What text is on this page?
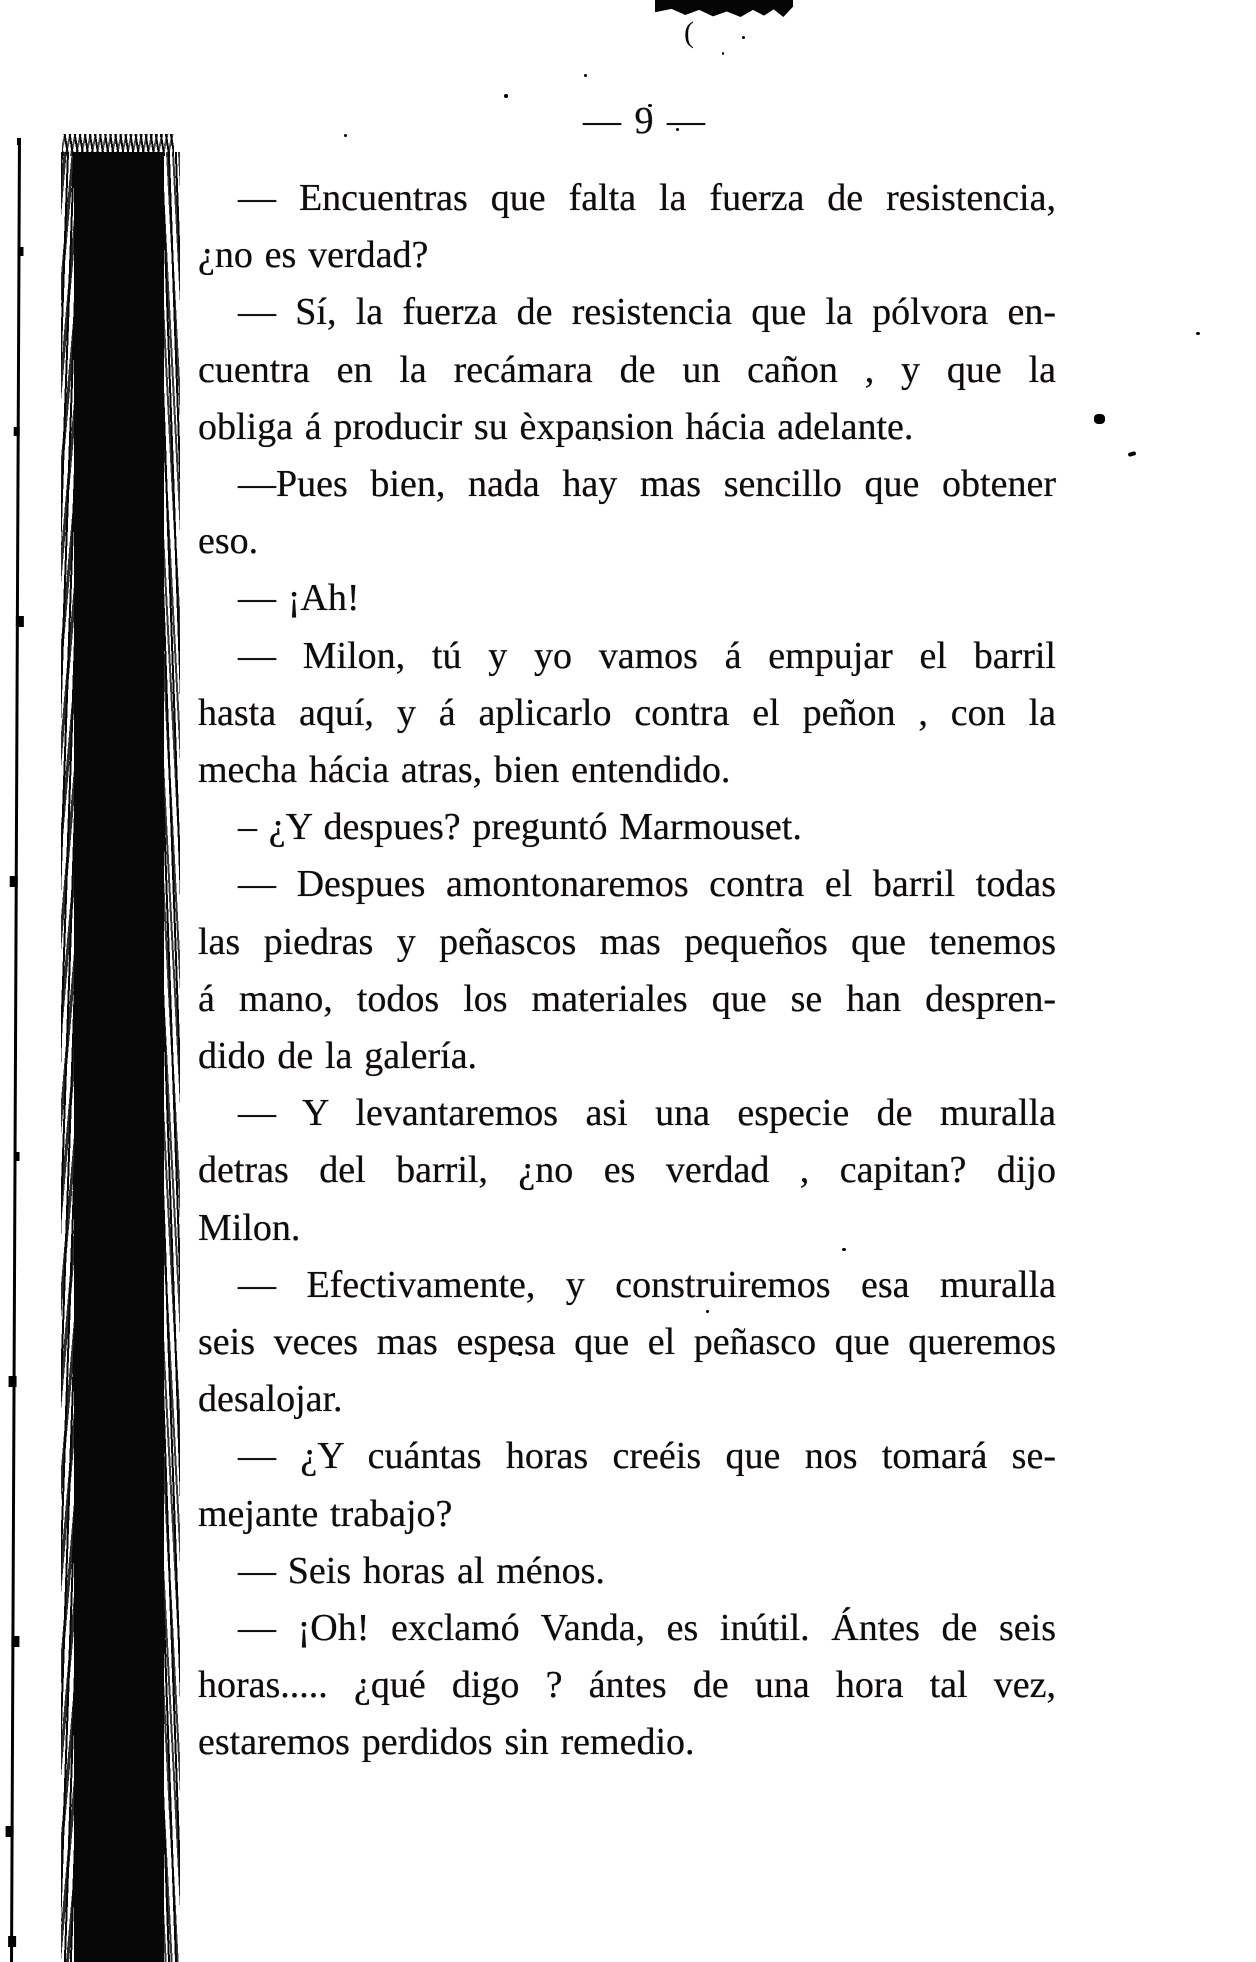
(
— 9 —
— Encuentras que falta la fuerza de resistencia,
¿no es verdad?
— Sí, la fuerza de resistencia que la pólvora en-
cuentra en la recámara de un cañon , y que la
obliga á producir su èxpansion hácia adelante.
—Pues bien, nada hay mas sencillo que obtener
eso.
— ¡Ah!
— Milon, tú y yo vamos á empujar el barril
hasta aquí, y á aplicarlo contra el peñon , con la
mecha hácia atras, bien entendido.
– ¿Y despues? preguntó Marmouset.
— Despues amontonaremos contra el barril todas
las piedras y peñascos mas pequeños que tenemos
á mano, todos los materiales que se han despren-
dido de la galería.
— Y levantaremos asi una especie de muralla
detras del barril, ¿no es verdad , capitan? dijo
Milon.
— Efectivamente, y construiremos esa muralla
seis veces mas espesa que el peñasco que queremos
desalojar.
— ¿Y cuántas horas creéis que nos tomará se-
mejante trabajo?
— Seis horas al ménos.
— ¡Oh! exclamó Vanda, es inútil. Ántes de seis
horas..... ¿qué digo ? ántes de una hora tal vez,
estaremos perdidos sin remedio.
